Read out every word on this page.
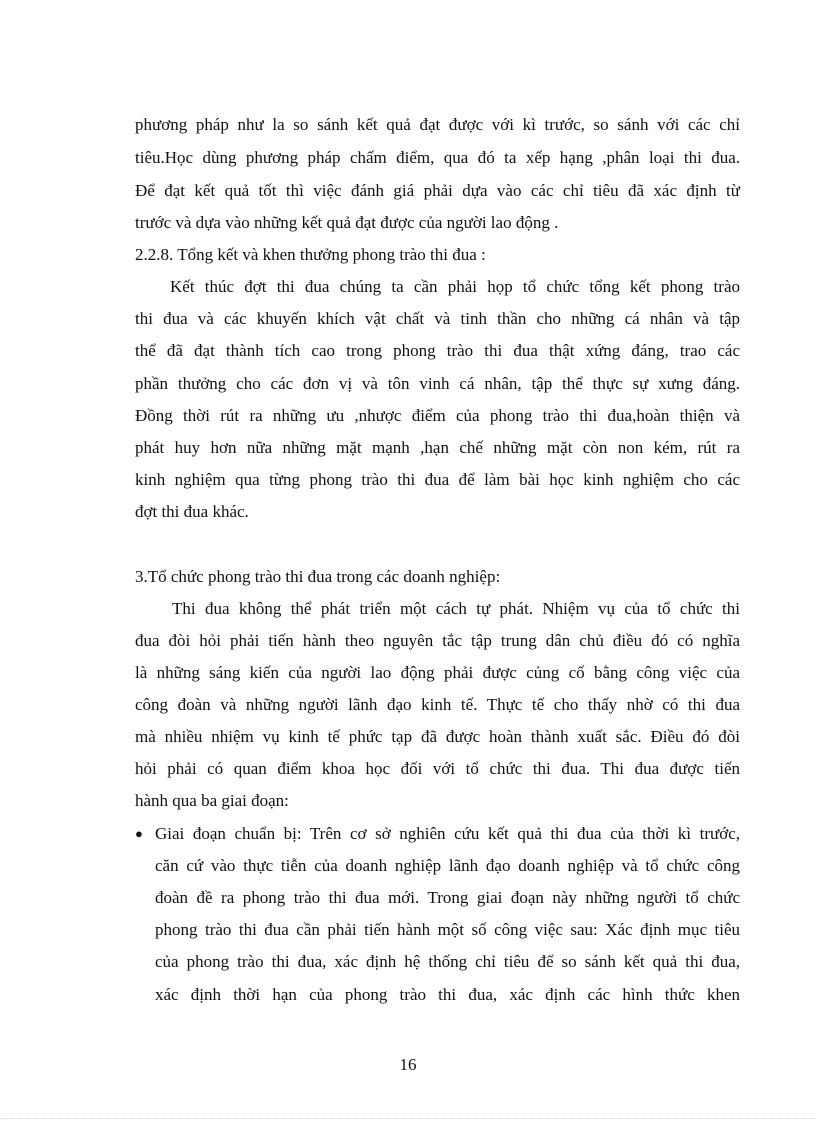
phương pháp như la so sánh kết quả đạt được với kì trước, so sánh với các chỉ
tiêu.Học dùng phương pháp chấm điểm, qua đó ta xếp hạng ,phân loại thi đua.
Để đạt kết quả tốt thì việc đánh giá phải dựa vào các chỉ tiêu đã xác định từ
trước và dựa vào những kết quả đạt được của người lao động .
2.2.8. Tổng kết và khen thưởng phong trào thi đua :
Kết thúc đợt thi đua chúng ta cần phải họp tổ chức tổng kết phong trào
thi đua và các khuyến khích vật chất và tinh thần cho những cá nhân và tập
thể đã đạt thành tích cao trong phong trào thi đua thật xứng đáng, trao các
phần thưởng cho các đơn vị và tôn vinh cá nhân, tập thể thực sự xưng đáng.
Đồng thời rút ra những ưu ,nhược điểm của phong trào thi đua,hoàn thiện và
phát huy hơn nữa những mặt mạnh ,hạn chế những mặt còn non kém, rút ra
kinh nghiệm qua từng phong trào thi đua để làm bài học kinh nghiệm cho các
đợt thi đua khác.
3.Tổ chức phong trào thi đua trong các doanh nghiệp:
Thi đua không thể phát triển một cách tự phát. Nhiệm vụ của tổ chức thi
đua đòi hỏi phải tiến hành theo nguyên tắc tập trung dân chủ điều đó có nghĩa
là những sáng kiến của người lao động phải được củng cố bằng công việc của
công đoàn và những người lãnh đạo kinh tế. Thực tế cho thấy nhờ có thi đua
mà nhiều nhiệm vụ kinh tế phức tạp đã được hoàn thành xuất sắc. Điều đó đòi
hỏi phải có quan điểm khoa học đối với tổ chức thi đua. Thi đua được tiến
hành qua ba giai đoạn:
● Giai đoạn chuẩn bị: Trên cơ sở nghiên cứu kết quả thi đua của thời kì trước,
căn cứ vào thực tiễn của doanh nghiệp lãnh đạo doanh nghiệp và tổ chức công
đoàn đề ra phong trào thi đua mới. Trong giai đoạn này những người tổ chức
phong trào thi đua cần phải tiến hành một số công việc sau: Xác định mục tiêu
của phong trào thi đua, xác định hệ thống chỉ tiêu để so sánh kết quả thi đua,
xác định thời hạn của phong trào thi đua, xác định các hình thức khen
16
